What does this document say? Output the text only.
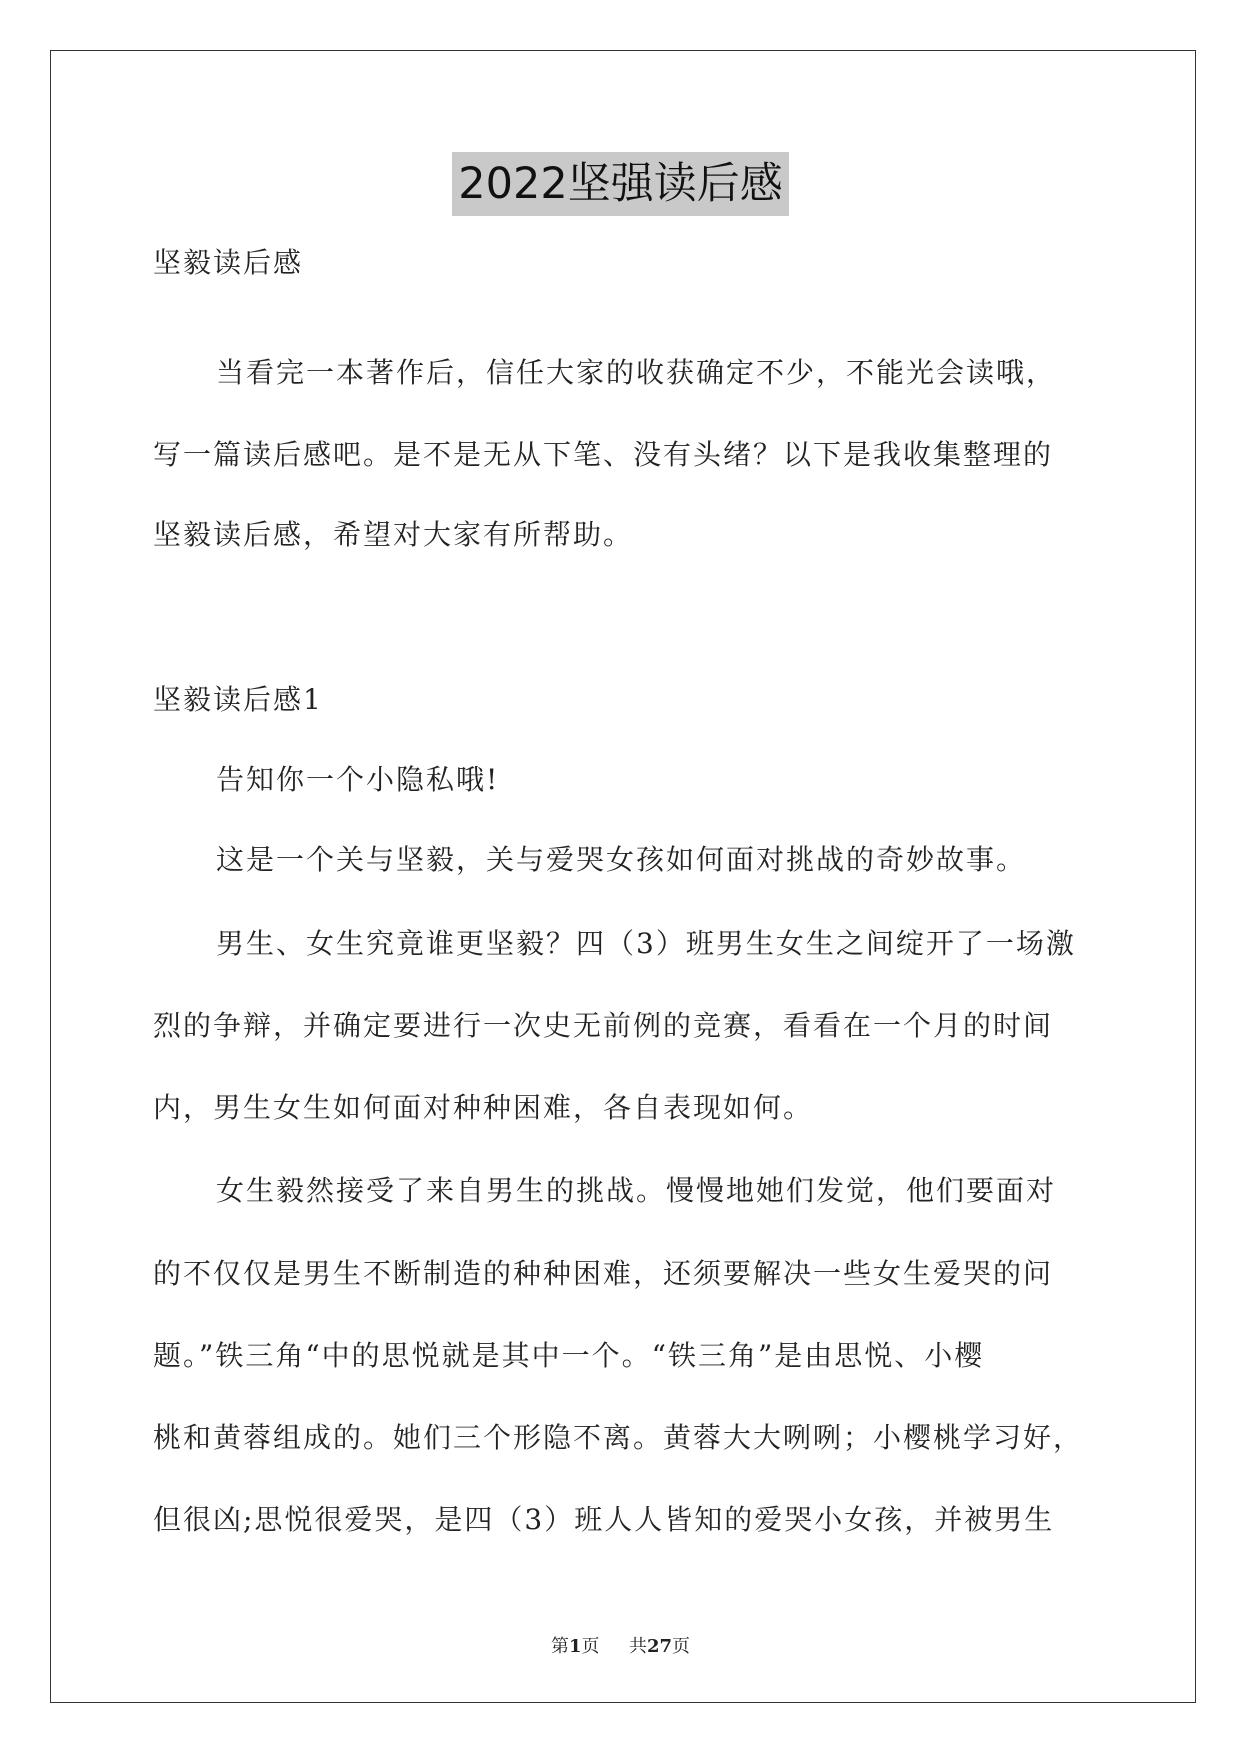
2022坚强读后感
坚毅读后感
当看完一本著作后，信任大家的收获确定不少，不能光会读哦，
写一篇读后感吧。是不是无从下笔、没有头绪？以下是我收集整理的
坚毅读后感，希望对大家有所帮助。
坚毅读后感1
告知你一个小隐私哦!
这是一个关与坚毅，关与爱哭女孩如何面对挑战的奇妙故事。
男生、女生究竟谁更坚毅？四（3）班男生女生之间绽开了一场激
烈的争辩，并确定要进行一次史无前例的竞赛，看看在一个月的时间
内，男生女生如何面对种种困难，各自表现如何。
女生毅然接受了来自男生的挑战。慢慢地她们发觉，他们要面对
的不仅仅是男生不断制造的种种困难，还须要解决一些女生爱哭的问
题。”铁三角“中的思悦就是其中一个。“铁三角”是由思悦、小樱
桃和黄蓉组成的。她们三个形隐不离。黄蓉大大咧咧；小樱桃学习好，
但很凶;思悦很爱哭，是四（3）班人人皆知的爱哭小女孩，并被男生
第1页 共27页
